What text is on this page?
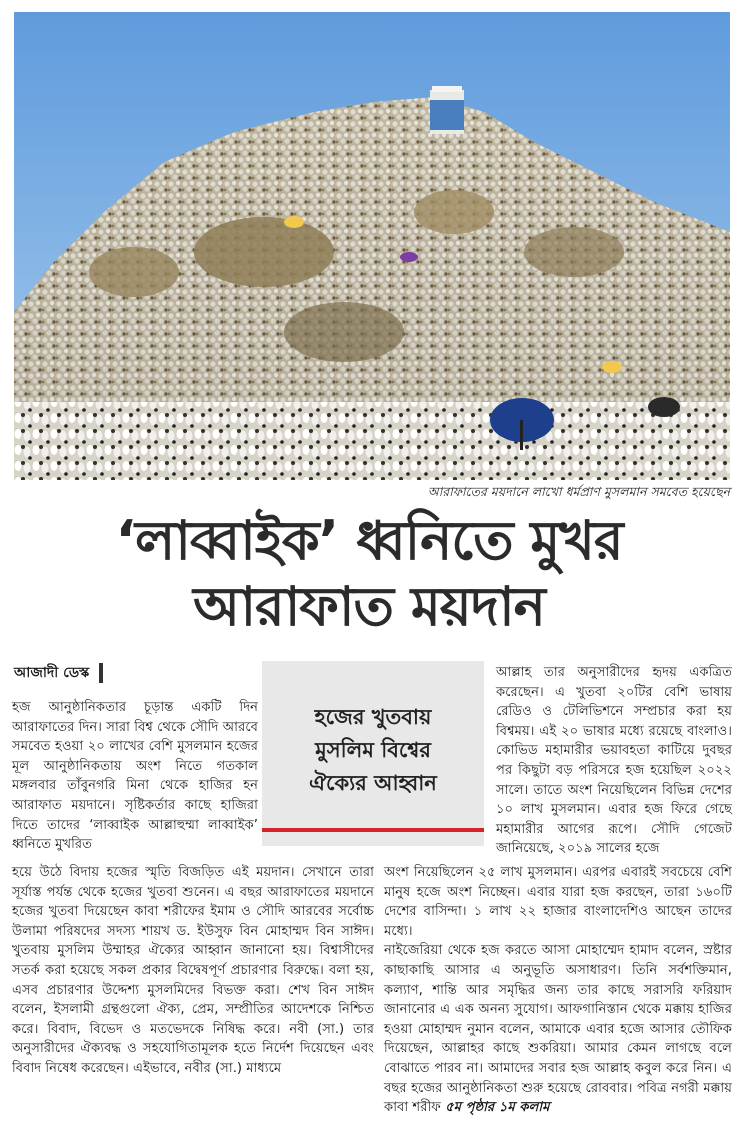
আরাফাতের ময়দানে লাখো ধর্মপ্রাণ মুসলমান সমবেত হয়েছেন
‘লাব্বাইক’ ধ্বনিতে মুখর
আরাফাত ময়দান
আজাদী ডেস্ক
হজের খুতবায়
মুসলিম বিশ্বের
ঐক্যের আহ্বান

হজ আনুষ্ঠানিকতার চূড়ান্ত একটি দিন আরাফাতের দিন। সারা বিশ্ব থেকে সৌদি আরবে সমবেত হওয়া ২০ লাখের বেশি মুসলমান হজের মূল আনুষ্ঠানিকতায় অংশ নিতে গতকাল মঙ্গলবার তাঁবুনগরি মিনা থেকে হাজির হন আরাফাত ময়দানে। সৃষ্টিকর্তার কাছে হাজিরা দিতে তাদের ‘লাব্বাইক আল্লাহুম্মা লাব্বাইক’ ধ্বনিতে মুখরিত

আল্লাহ তার অনুসারীদের হৃদয় একত্রিত করেছেন। এ খুতবা ২০টির বেশি ভাষায় রেডিও ও টেলিভিশনে সম্প্রচার করা হয় বিশ্বময়। এই ২০ ভাষার মধ্যে রয়েছে বাংলাও। কোভিড মহামারীর ভয়াবহতা কাটিয়ে দুবছর পর কিছুটা বড় পরিসরে হজ হয়েছিল ২০২২ সালে। তাতে অংশ নিয়েছিলেন বিভিন্ন দেশের ১০ লাখ মুসলমান। এবার হজ ফিরে গেছে মহামারীর আগের রূপে। সৌদি গেজেট জানিয়েছে, ২০১৯ সালের হজে

হয়ে উঠে বিদায় হজের স্মৃতি বিজড়িত এই ময়দান। সেখানে তারা সূর্যাস্ত পর্যন্ত থেকে হজের খুতবা শুনেন। এ বছর আরাফাতের ময়দানে হজের খুতবা দিয়েছেন কাবা শরীফের ইমাম ও সৌদি আরবের সর্বোচ্চ উলামা পরিষদের সদস্য শায়খ ড. ইউসুফ বিন মোহাম্মদ বিন সাঈদ। খুতবায় মুসলিম উম্মাহর ঐক্যের আহ্বান জানানো হয়। বিশ্বাসীদের সতর্ক করা হয়েছে সকল প্রকার বিদ্বেষপূর্ণ প্রচারণার বিরুদ্ধে। বলা হয়, এসব প্রচারণার উদ্দেশ্য মুসলমিদের বিভক্ত করা। শেখ বিন সাঈদ বলেন, ইসলামী গ্রন্থগুলো ঐক্য, প্রেম, সম্প্রীতির আদেশকে নিশ্চিত করে। বিবাদ, বিভেদ ও মতভেদকে নিষিদ্ধ করে। নবী (সা.) তার অনুসারীদের ঐক্যবদ্ধ ও সহযোগিতামূলক হতে নির্দেশ দিয়েছেন এবং বিবাদ নিষেধ করেছেন। এইভাবে, নবীর (সা.) মাধ্যমে

অংশ নিয়েছিলেন ২৫ লাখ মুসলমান। এরপর এবারই সবচেয়ে বেশি মানুষ হজে অংশ নিচ্ছেন। এবার যারা হজ করছেন, তারা ১৬০টি দেশের বাসিন্দা। ১ লাখ ২২ হাজার বাংলাদেশিও আছেন তাদের মধ্যে।

নাইজেরিয়া থেকে হজ করতে আসা মোহাম্মেদ হামাদ বলেন, স্রষ্টার কাছাকাছি আসার এ অনুভূতি অসাধারণ। তিনি সর্বশক্তিমান, কল্যাণ, শান্তি আর সমৃদ্ধির জন্য তার কাছে সরাসরি ফরিয়াদ জানানোর এ এক অনন্য সুযোগ। আফগানিস্তান থেকে মক্কায় হাজির হওয়া মোহাম্মদ নুমান বলেন, আমাকে এবার হজে আসার তৌফিক দিয়েছেন, আল্লাহর কাছে শুকরিয়া। আমার কেমন লাগছে বলে বোঝাতে পারব না। আমাদের সবার হজ আল্লাহ কবুল করে নিন। এ বছর হজের আনুষ্ঠানিকতা শুরু হয়েছে রোববার। পবিত্র নগরী মক্কায় কাবা শরীফ ৫ম পৃষ্ঠার ১ম কলাম
